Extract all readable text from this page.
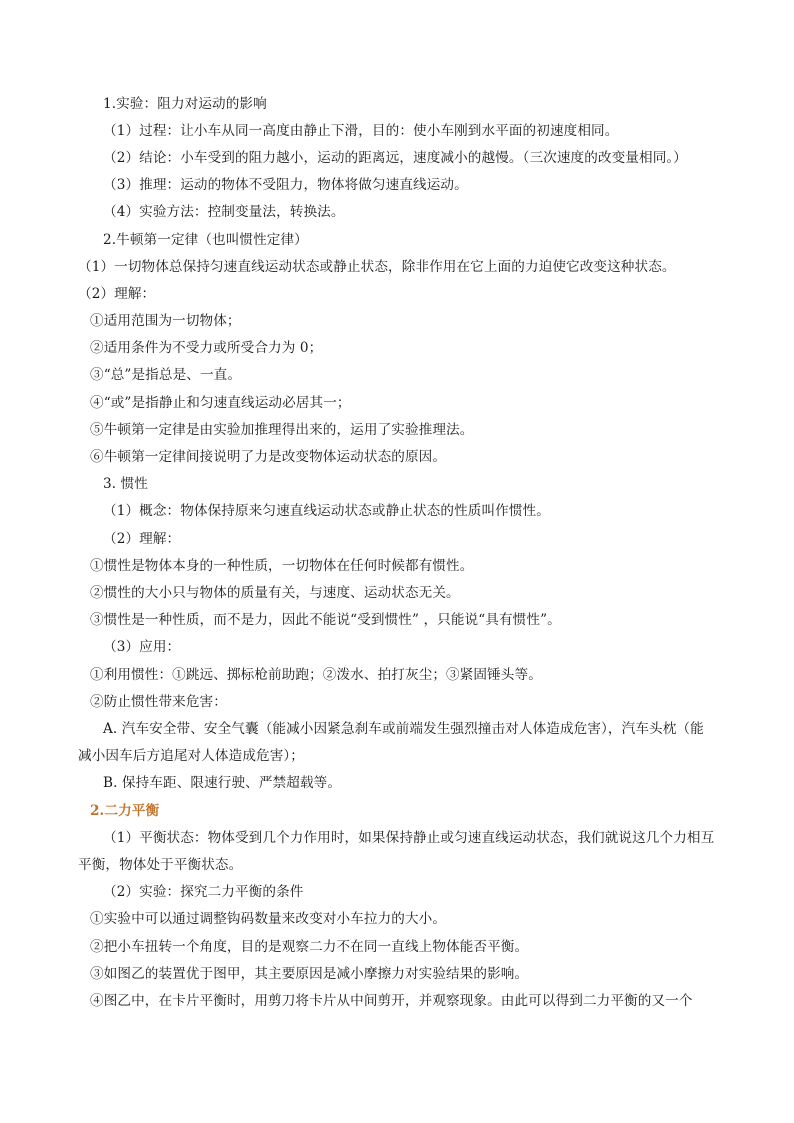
1.实验：阻力对运动的影响
（1）过程：让小车从同一高度由静止下滑，目的：使小车刚到水平面的初速度相同。
（2）结论：小车受到的阻力越小，运动的距离远，速度减小的越慢。（三次速度的改变量相同。）
（3）推理：运动的物体不受阻力，物体将做匀速直线运动。
（4）实验方法：控制变量法，转换法。
2.牛顿第一定律（也叫惯性定律）
（1）一切物体总保持匀速直线运动状态或静止状态，除非作用在它上面的力迫使它改变这种状态。
（2）理解：
①适用范围为一切物体；
②适用条件为不受力或所受合力为 0；
③“总”是指总是、一直。
④“或”是指静止和匀速直线运动必居其一；
⑤牛顿第一定律是由实验加推理得出来的，运用了实验推理法。
⑥牛顿第一定律间接说明了力是改变物体运动状态的原因。
3. 惯性
（1）概念：物体保持原来匀速直线运动状态或静止状态的性质叫作惯性。
（2）理解：
①惯性是物体本身的一种性质，一切物体在任何时候都有惯性。
②惯性的大小只与物体的质量有关，与速度、运动状态无关。
③惯性是一种性质，而不是力，因此不能说“受到惯性” ，只能说“具有惯性”。
（3）应用：
①利用惯性：①跳远、掷标枪前助跑；②泼水、拍打灰尘；③紧固锤头等。
②防止惯性带来危害：
A. 汽车安全带、安全气囊（能减小因紧急刹车或前端发生强烈撞击对人体造成危害），汽车头枕（能
减小因车后方追尾对人体造成危害）；
B. 保持车距、限速行驶、严禁超载等。
2.二力平衡
（1）平衡状态：物体受到几个力作用时，如果保持静止或匀速直线运动状态，我们就说这几个力相互
平衡，物体处于平衡状态。
（2）实验：探究二力平衡的条件
①实验中可以通过调整钩码数量来改变对小车拉力的大小。
②把小车扭转一个角度，目的是观察二力不在同一直线上物体能否平衡。
③如图乙的装置优于图甲，其主要原因是减小摩擦力对实验结果的影响。
④图乙中，在卡片平衡时，用剪刀将卡片从中间剪开，并观察现象。由此可以得到二力平衡的又一个
